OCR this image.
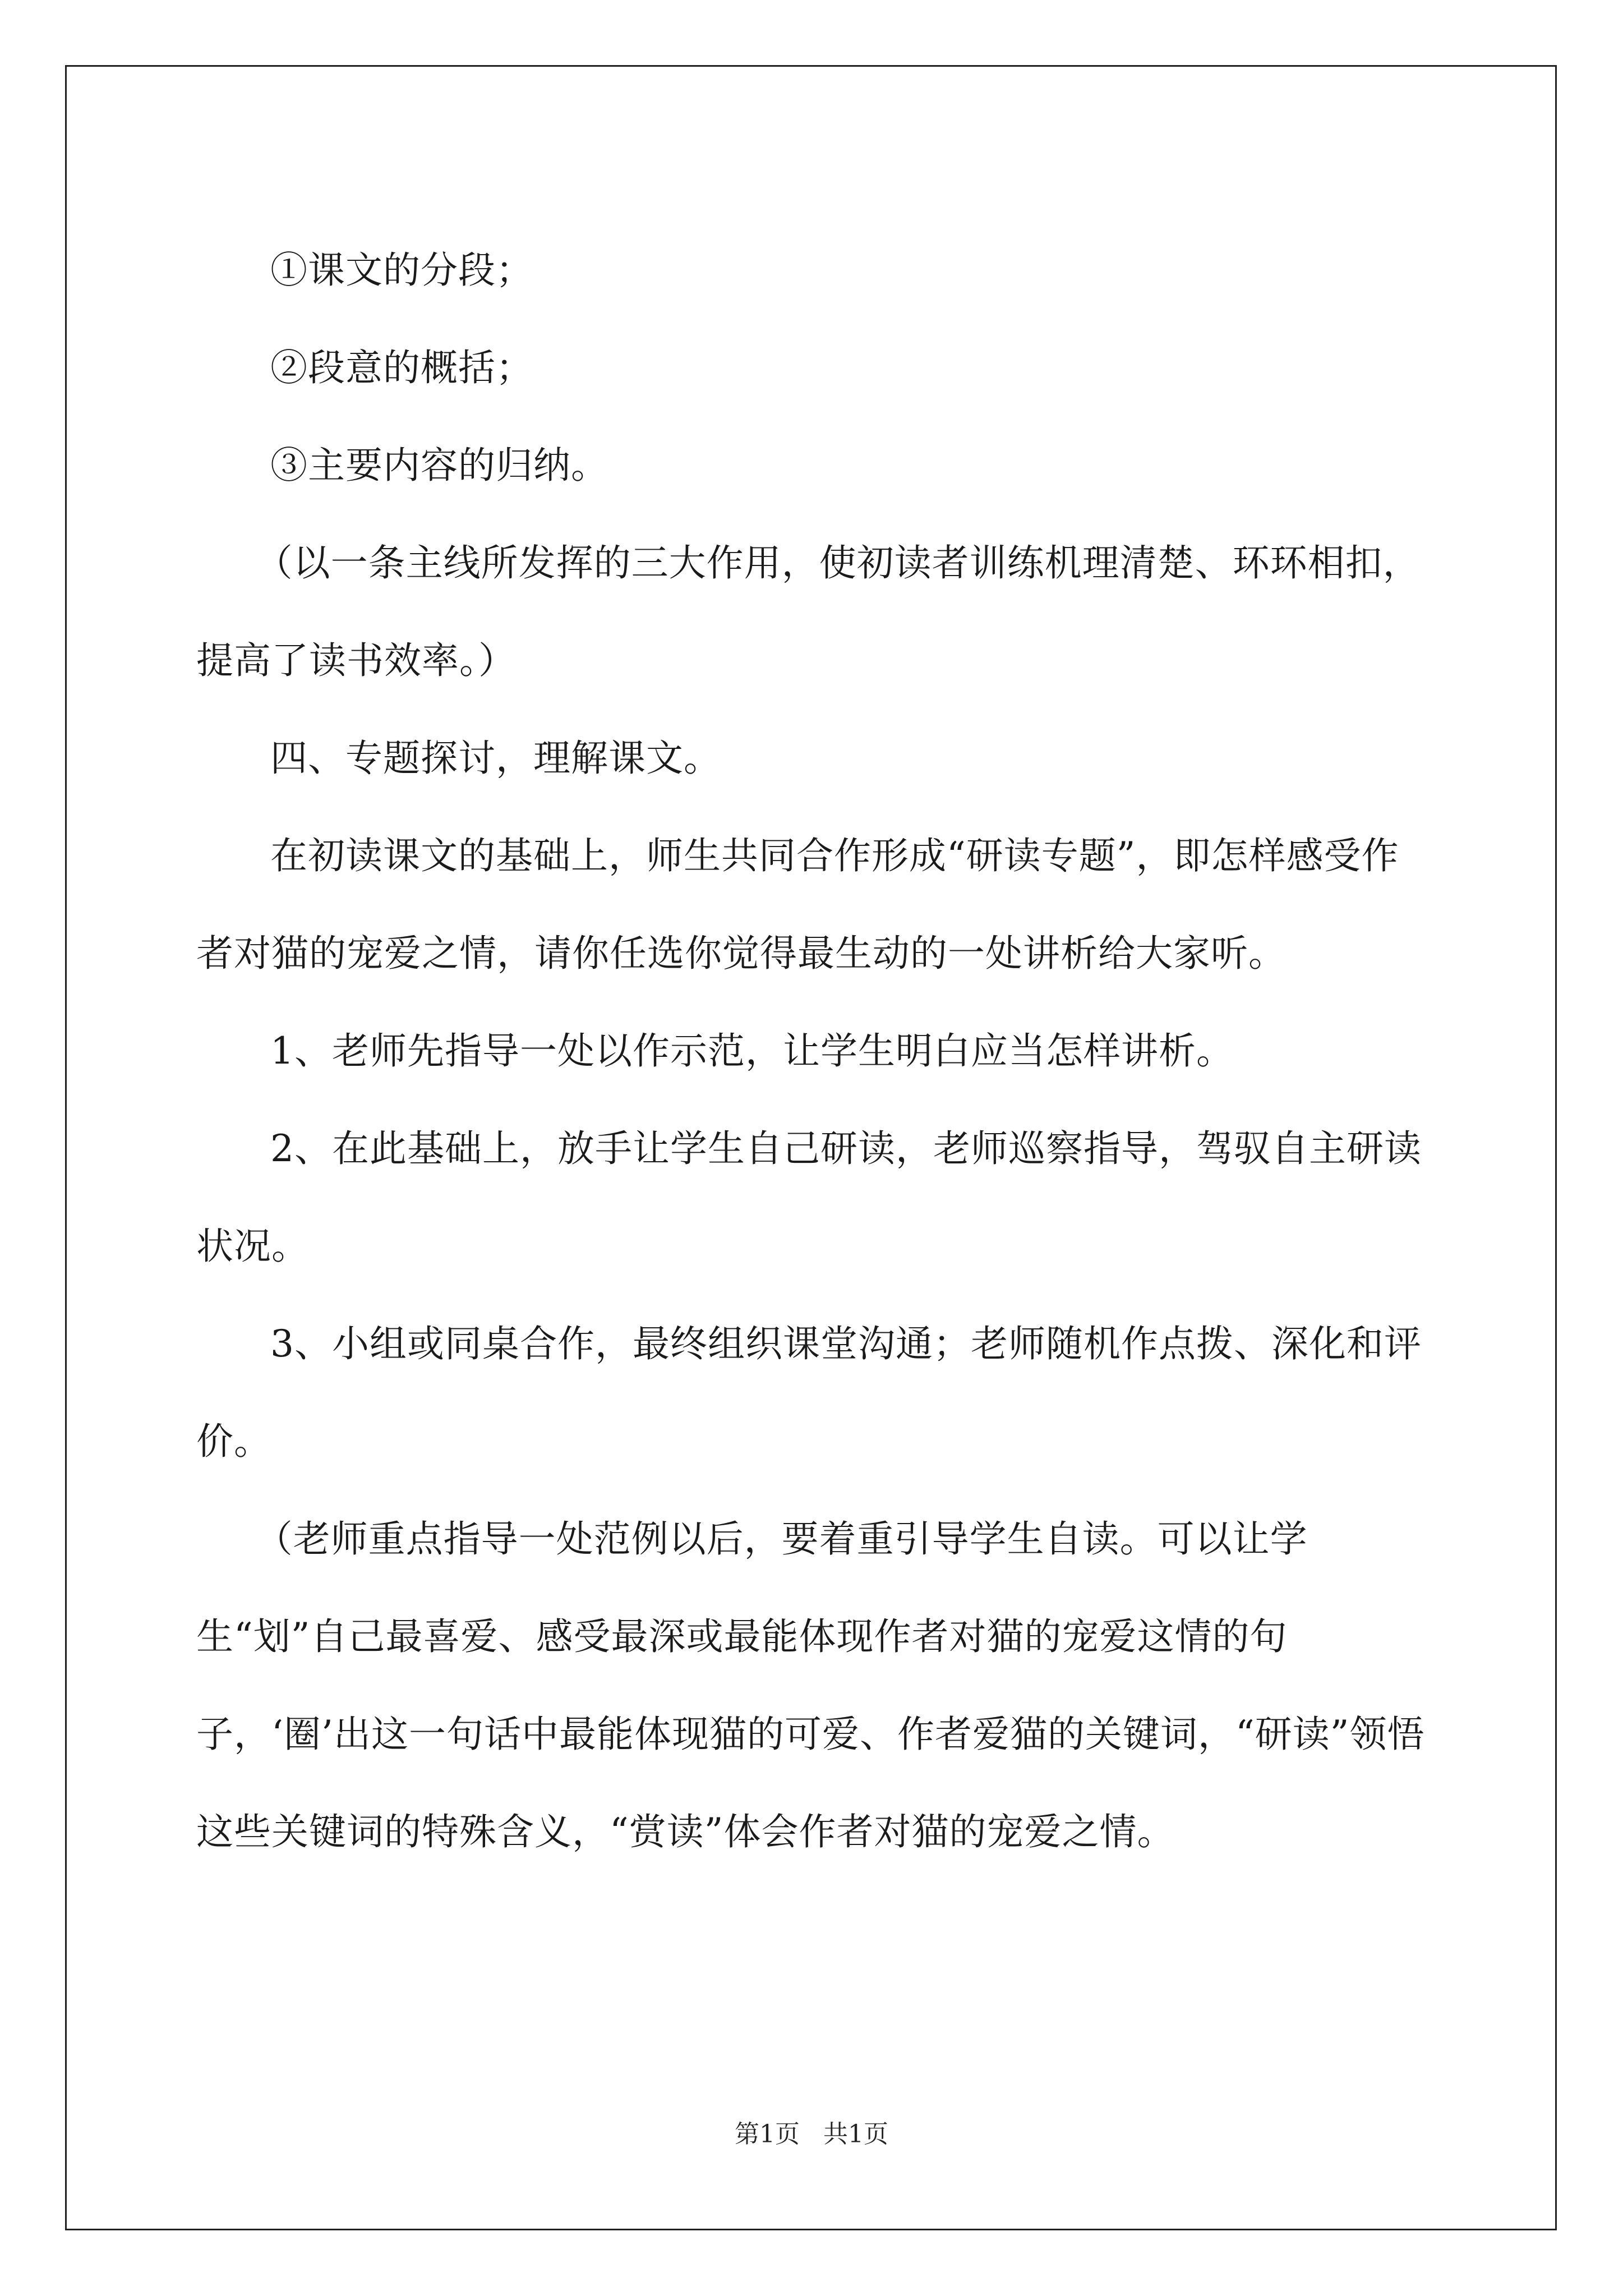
①课文的分段；

②段意的概括；

③主要内容的归纳。

（以一条主线所发挥的三大作用，使初读者训练机理清楚、环环相扣，提高了读书效率。）

四、专题探讨，理解课文。

在初读课文的基础上，师生共同合作形成“研读专题”，即怎样感受作者对猫的宠爱之情，请你任选你觉得最生动的一处讲析给大家听。

1、老师先指导一处以作示范，让学生明白应当怎样讲析。

2、在此基础上，放手让学生自己研读，老师巡察指导，驾驭自主研读状况。

3、小组或同桌合作，最终组织课堂沟通；老师随机作点拨、深化和评价。

（老师重点指导一处范例以后，要着重引导学生自读。可以让学生“划”自己最喜爱、感受最深或最能体现作者对猫的宠爱这情的句子，‘圈’出这一句话中最能体现猫的可爱、作者爱猫的关键词，“研读”领悟这些关键词的特殊含义，“赏读”体会作者对猫的宠爱之情。

第1页 共1页
